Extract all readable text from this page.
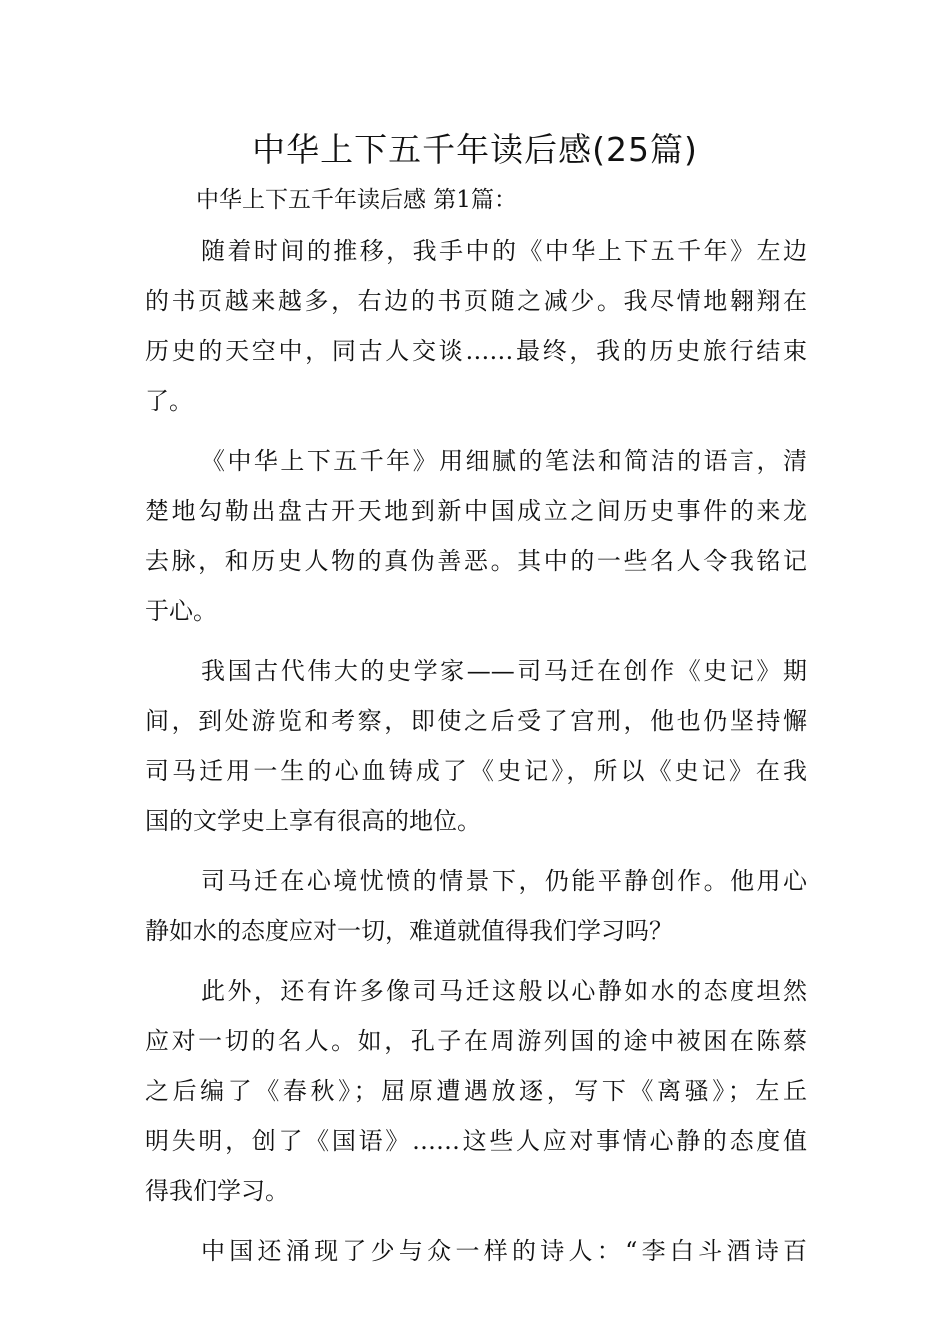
中华上下五千年读后感(25篇)
中华上下五千年读后感 第1篇：
随着时间的推移，我手中的《中华上下五千年》左边
的书页越来越多，右边的书页随之减少。我尽情地翱翔在
历史的天空中，同古人交谈……最终，我的历史旅行结束
了。
《中华上下五千年》用细腻的笔法和简洁的语言，清
楚地勾勒出盘古开天地到新中国成立之间历史事件的来龙
去脉，和历史人物的真伪善恶。其中的一些名人令我铭记
于心。
我国古代伟大的史学家——司马迁在创作《史记》期
间，到处游览和考察，即使之后受了宫刑，他也仍坚持懈
司马迁用一生的心血铸成了《史记》，所以《史记》在我
国的文学史上享有很高的地位。
司马迁在心境忧愤的情景下，仍能平静创作。他用心
静如水的态度应对一切，难道就值得我们学习吗？
此外，还有许多像司马迁这般以心静如水的态度坦然
应对一切的名人。如，孔子在周游列国的途中被困在陈蔡
之后编了《春秋》；屈原遭遇放逐，写下《离骚》；左丘
明失明，创了《国语》……这些人应对事情心静的态度值
得我们学习。
中国还涌现了少与众一样的诗人：“李白斗酒诗百
